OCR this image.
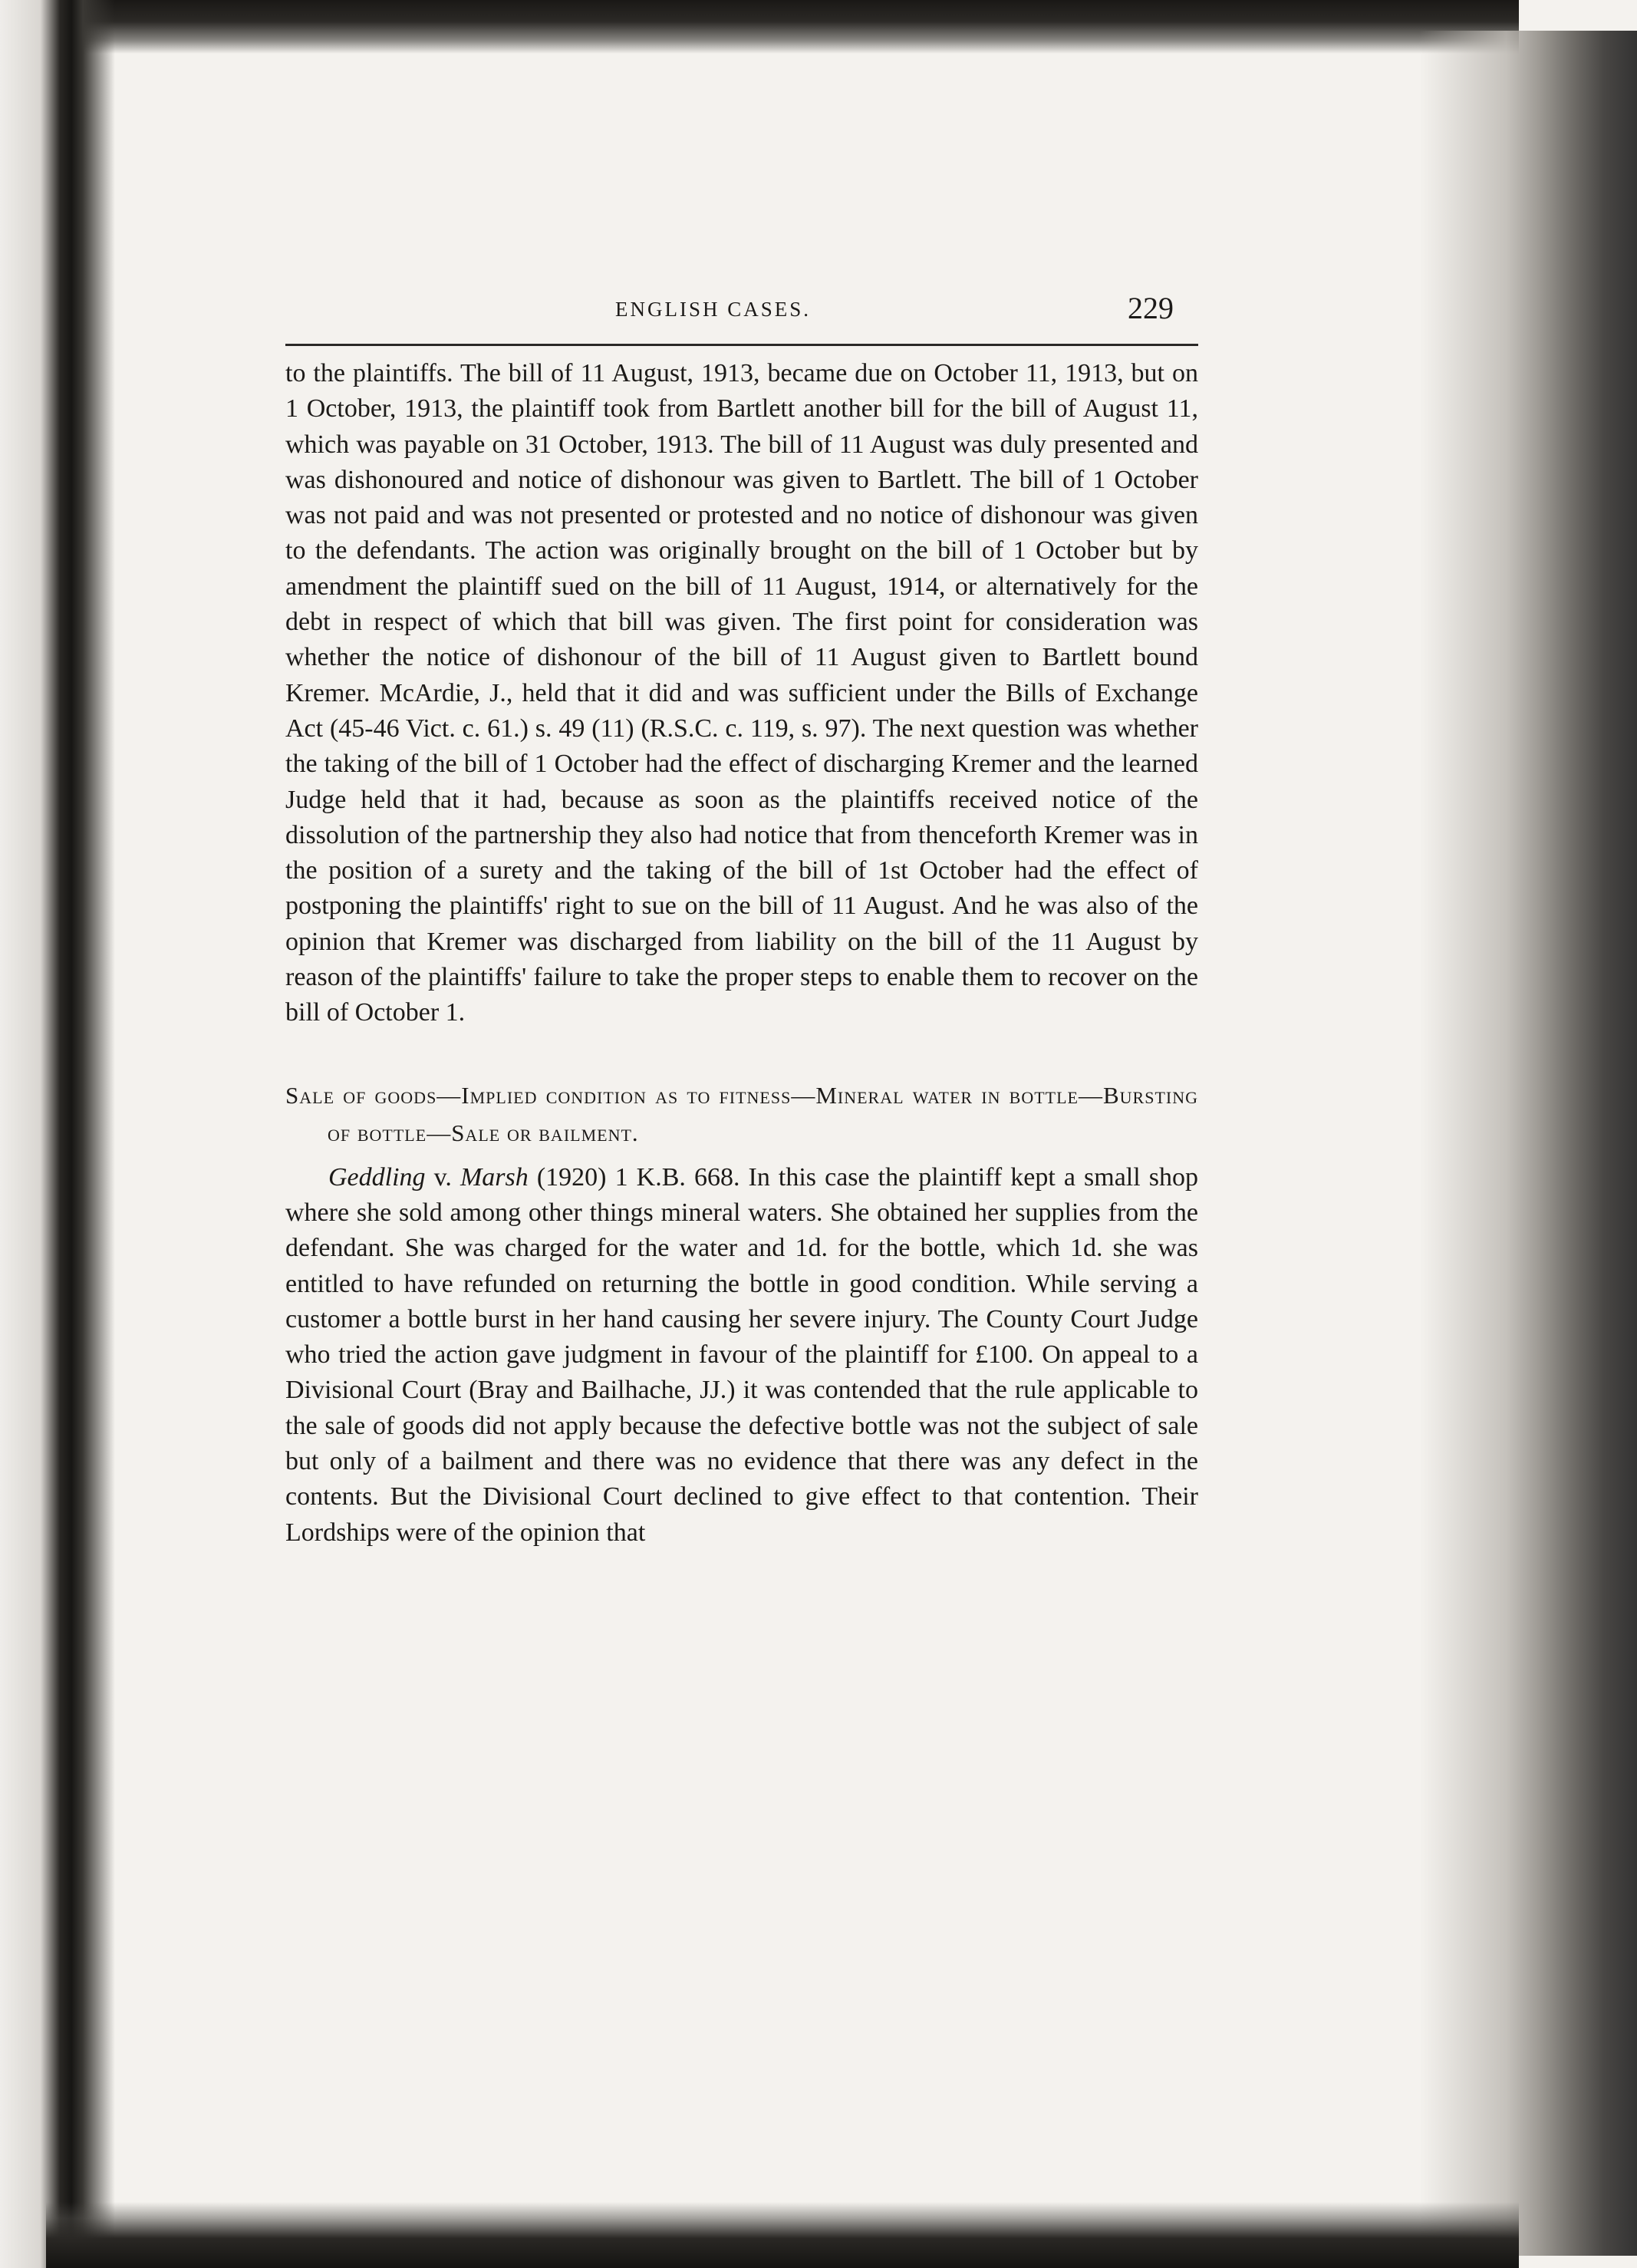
ENGLISH CASES.	229

to the plaintiffs. The bill of 11 August, 1913, became due on October 11, 1913, but on 1 October, 1913, the plaintiff took from Bartlett another bill for the bill of August 11, which was payable on 31 October, 1913. The bill of 11 August was duly presented and was dishonoured and notice of dishonour was given to Bartlett. The bill of 1 October was not paid and was not presented or protested and no notice of dishonour was given to the defendants. The action was originally brought on the bill of 1 October but by amendment the plaintiff sued on the bill of 11 August, 1914, or alternatively for the debt in respect of which that bill was given. The first point for consideration was whether the notice of dishonour of the bill of 11 August given to Bartlett bound Kremer. McArdie, J., held that it did and was sufficient under the Bills of Exchange Act (45-46 Vict. c. 61.) s. 49 (11) (R.S.C. c. 119, s. 97). The next question was whether the taking of the bill of 1 October had the effect of discharging Kremer and the learned Judge held that it had, because as soon as the plaintiffs received notice of the dissolution of the partnership they also had notice that from thenceforth Kremer was in the position of a surety and the taking of the bill of 1st October had the effect of postponing the plaintiffs' right to sue on the bill of 11 August. And he was also of the opinion that Kremer was discharged from liability on the bill of the 11 August by reason of the plaintiffs' failure to take the proper steps to enable them to recover on the bill of October 1.

Sale of goods—Implied condition as to fitness—Mineral water in bottle—Bursting of bottle—Sale or bailment.

Geddling v. Marsh (1920) 1 K.B. 668. In this case the plaintiff kept a small shop where she sold among other things mineral waters. She obtained her supplies from the defendant. She was charged for the water and 1d. for the bottle, which 1d. she was entitled to have refunded on returning the bottle in good condition. While serving a customer a bottle burst in her hand causing her severe injury. The County Court Judge who tried the action gave judgment in favour of the plaintiff for £100. On appeal to a Divisional Court (Bray and Bailhache, JJ.) it was contended that the rule applicable to the sale of goods did not apply because the defective bottle was not the subject of sale but only of a bailment and there was no evidence that there was any defect in the contents. But the Divisional Court declined to give effect to that contention. Their Lordships were of the opinion that
